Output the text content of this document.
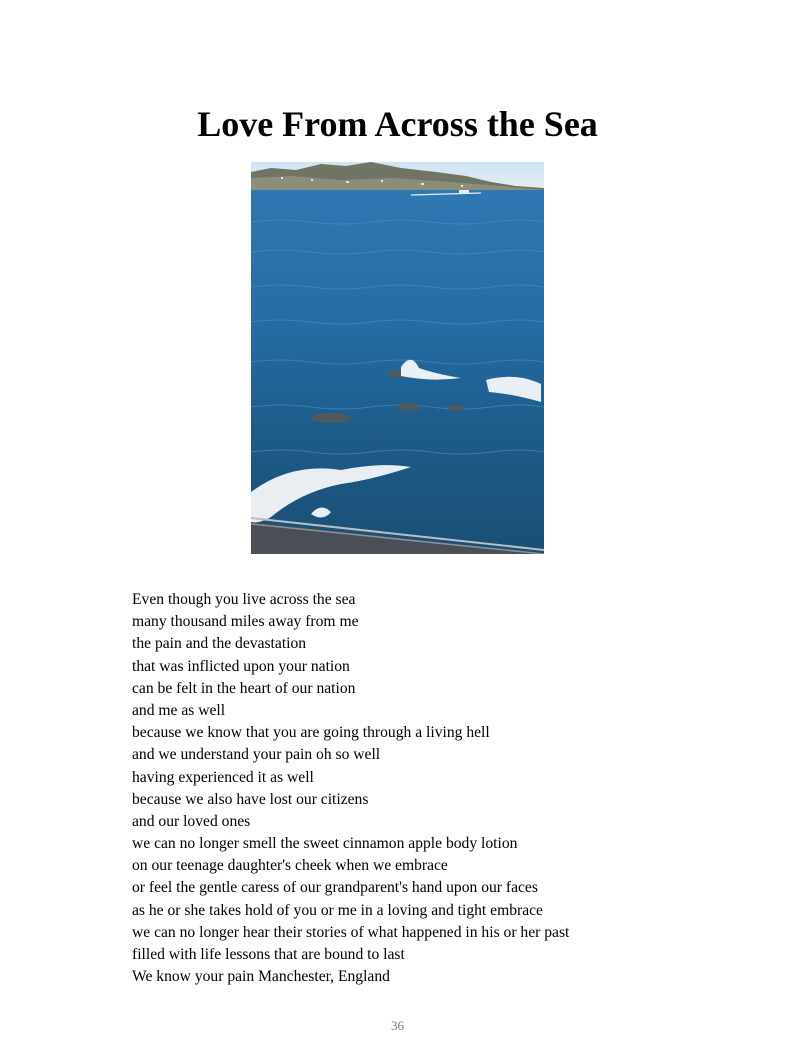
Love From Across the Sea
Even though you live across the sea
many thousand miles away from me
the pain and the devastation
that was inflicted upon your nation
can be felt in the heart of our nation
and me as well
because we know that you are going through a living hell
and we understand your pain oh so well
having experienced it as well
because we also have lost our citizens
and our loved ones
we can no longer smell the sweet cinnamon apple body lotion
on our teenage daughter's cheek when we embrace
or feel the gentle caress of our grandparent's hand upon our faces
as he or she takes hold of you or me in a loving and tight embrace
we can no longer hear their stories of what happened in his or her past
filled with life lessons that are bound to last
We know your pain Manchester, England
36
